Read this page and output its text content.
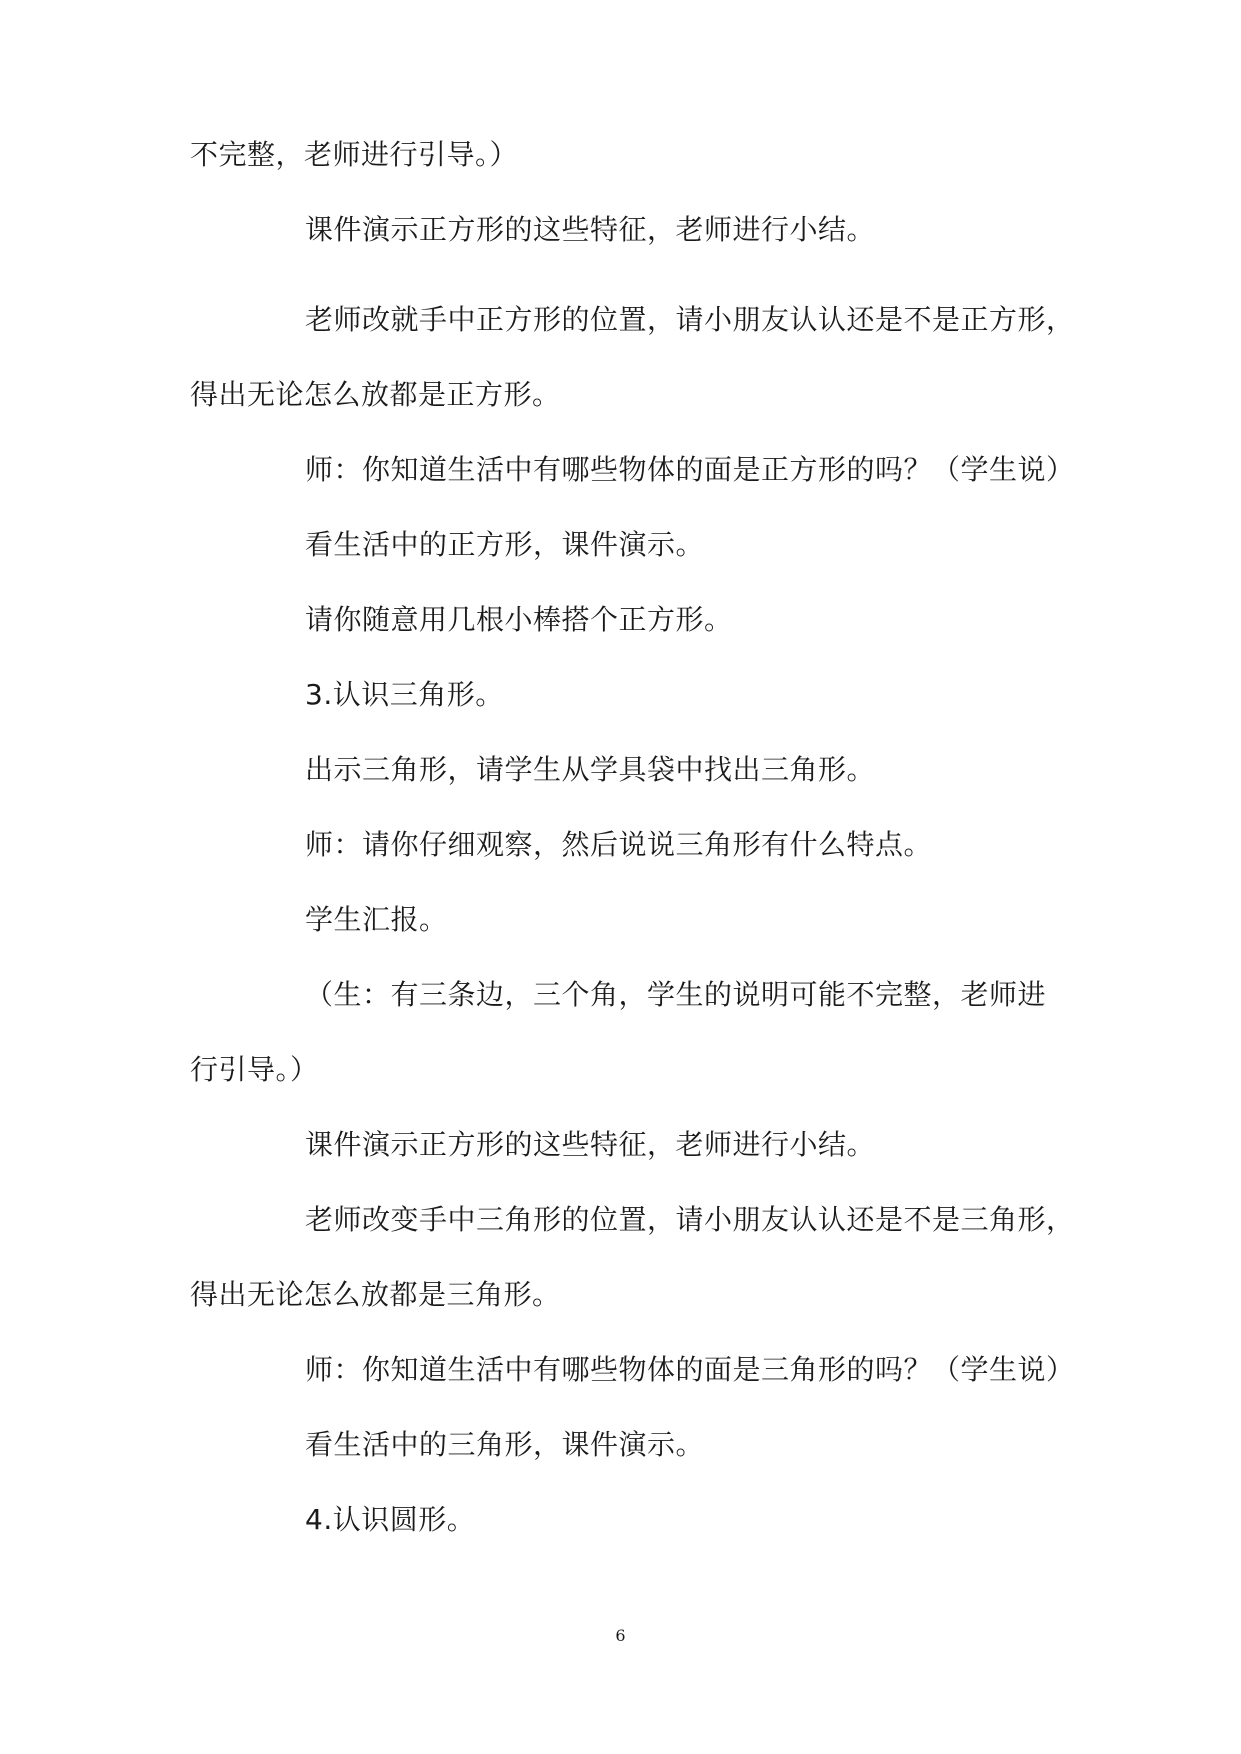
不完整，老师进行引导。）
课件演示正方形的这些特征，老师进行小结。
老师改就手中正方形的位置，请小朋友认认还是不是正方形，
得出无论怎么放都是正方形。
师：你知道生活中有哪些物体的面是正方形的吗？（学生说）
看生活中的正方形，课件演示。
请你随意用几根小棒搭个正方形。
3.认识三角形。
出示三角形，请学生从学具袋中找出三角形。
师：请你仔细观察，然后说说三角形有什么特点。
学生汇报。
（生：有三条边，三个角，学生的说明可能不完整，老师进
行引导。）
课件演示正方形的这些特征，老师进行小结。
老师改变手中三角形的位置，请小朋友认认还是不是三角形，
得出无论怎么放都是三角形。
师：你知道生活中有哪些物体的面是三角形的吗？（学生说）
看生活中的三角形，课件演示。
4.认识圆形。
6
